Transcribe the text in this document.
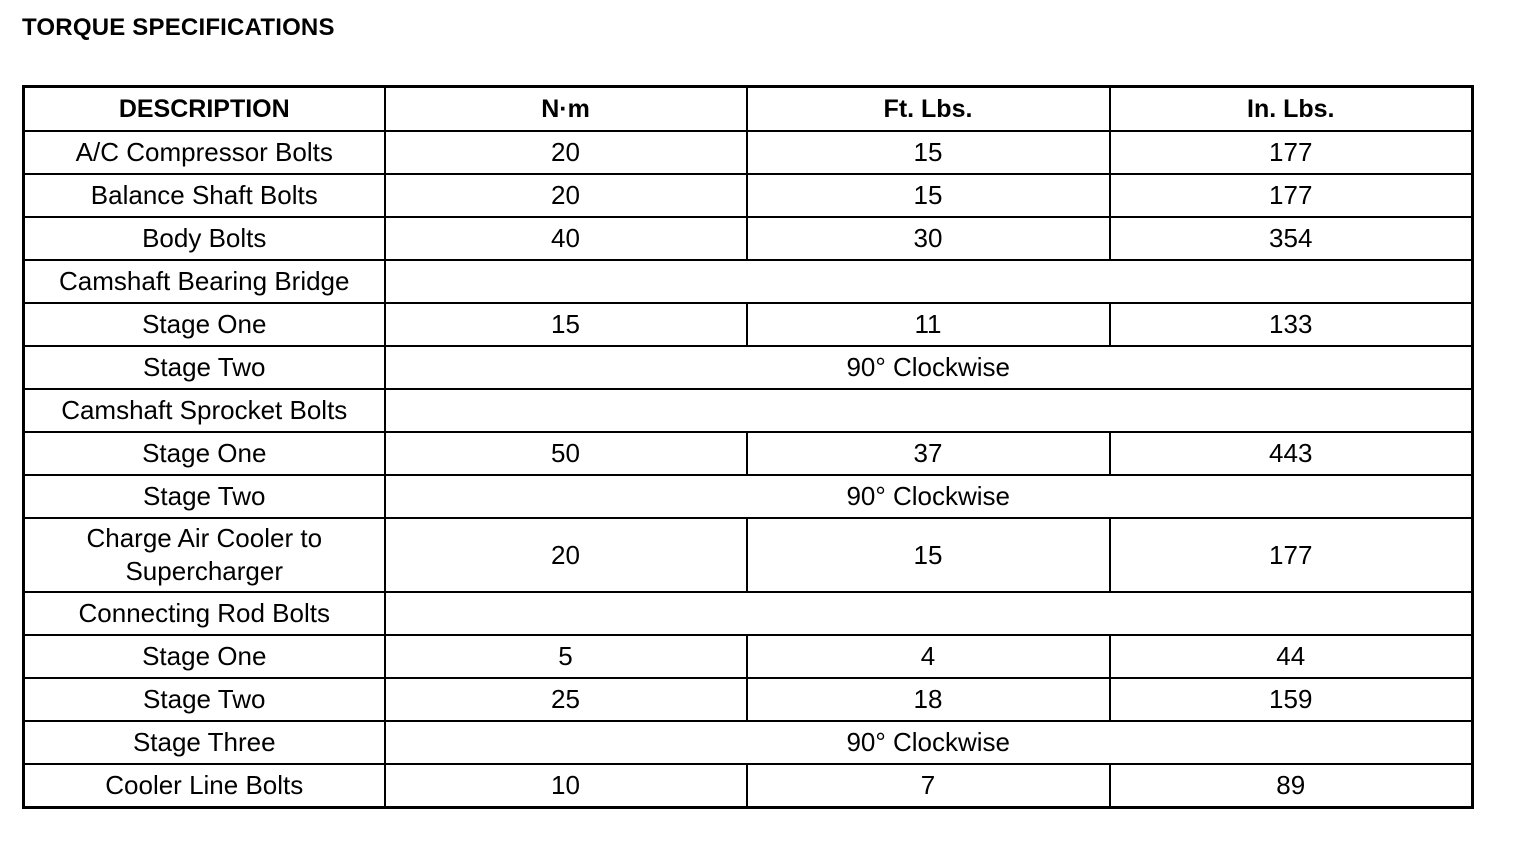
TORQUE SPECIFICATIONS
DESCRIPTION	N·m	Ft. Lbs.	In. Lbs.
A/C Compressor Bolts	20	15	177
Balance Shaft Bolts	20	15	177
Body Bolts	40	30	354
Camshaft Bearing Bridge			
Stage One	15	11	133
Stage Two	90° Clockwise		
Camshaft Sprocket Bolts			
Stage One	50	37	443
Stage Two	90° Clockwise		
Charge Air Cooler to Supercharger	20	15	177
Connecting Rod Bolts			
Stage One	5	4	44
Stage Two	25	18	159
Stage Three	90° Clockwise		
Cooler Line Bolts	10	7	89
